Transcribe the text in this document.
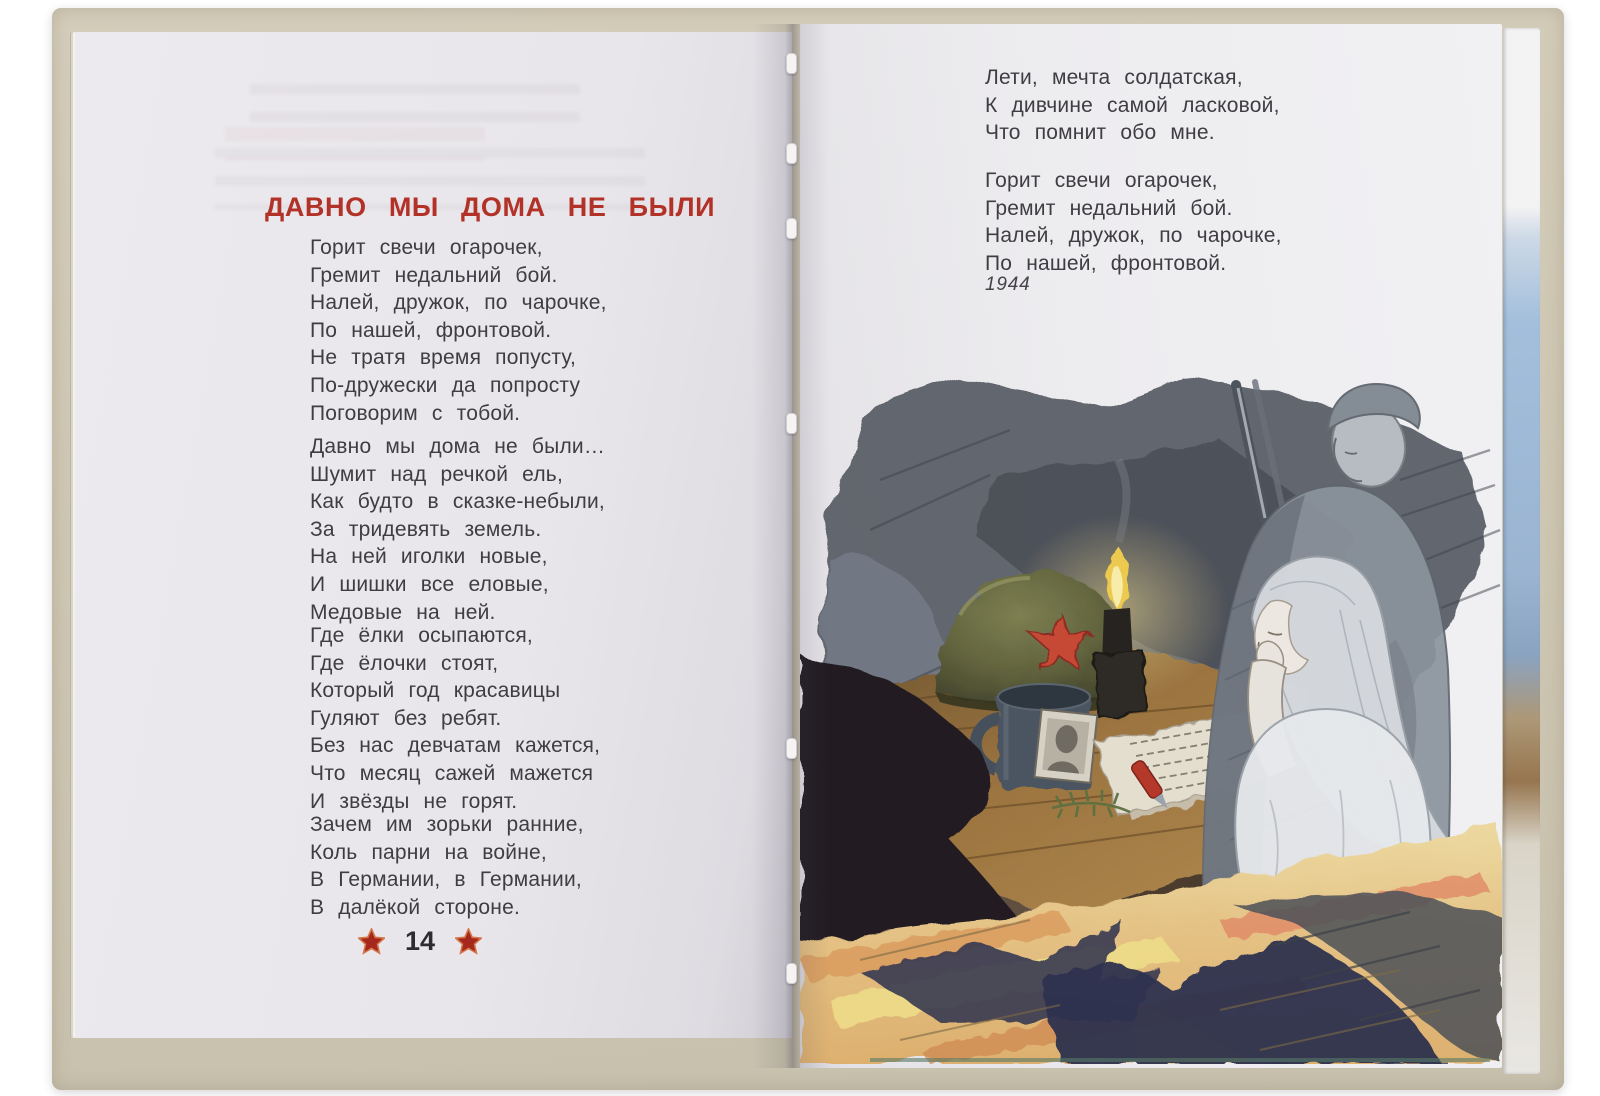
ДАВНО МЫ ДОМА НЕ БЫЛИ
Горит свечи огарочек,
Гремит недальний бой.
Налей, дружок, по чарочке,
По нашей, фронтовой.
Не тратя время попусту,
По-дружески да попросту
Поговорим с тобой.
Давно мы дома не были…
Шумит над речкой ель,
Как будто в сказке-небыли,
За тридевять земель.
На ней иголки новые,
И шишки все еловые,
Медовые на ней.
Где ёлки осыпаются,
Где ёлочки стоят,
Который год красавицы
Гуляют без ребят.
Без нас девчатам кажется,
Что месяц сажей мажется
И звёзды не горят.
Зачем им зорьки ранние,
Коль парни на войне,
В Германии, в Германии,
В далёкой стороне.
14
Лети, мечта солдатская,
К дивчине самой ласковой,
Что помнит обо мне.
Горит свечи огарочек,
Гремит недальний бой.
Налей, дружок, по чарочке,
По нашей, фронтовой.
1944
